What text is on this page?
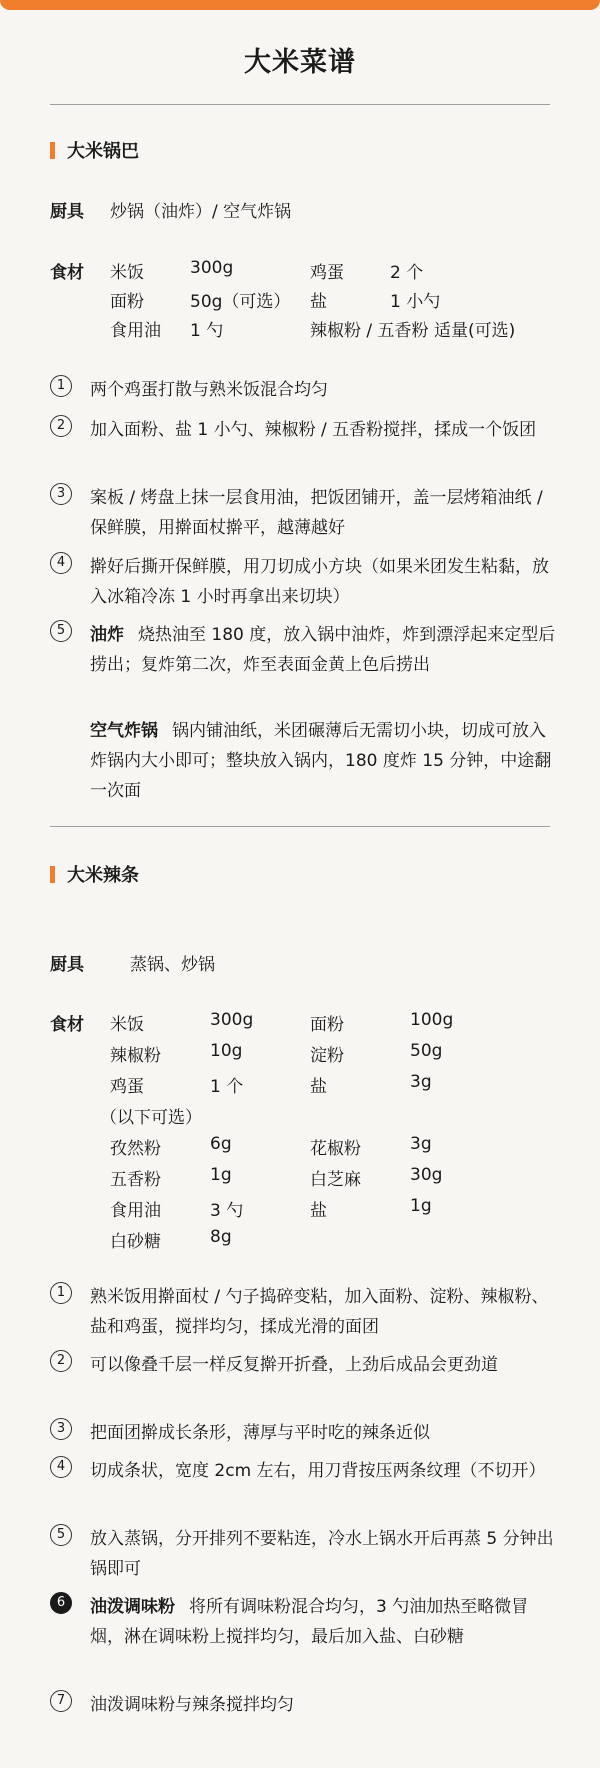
大米菜谱
大米锅巴
厨具 炒锅（油炸）/ 空气炸锅
食材 米饭	300g	鸡蛋	2 个
面粉	50g（可选） 盐	1 小勺
食用油 1 勺	辣椒粉 / 五香粉 适量(可选)
1	两个鸡蛋打散与熟米饭混合均匀
2	加入面粉、盐 1 小勺、辣椒粉 / 五香粉搅拌，揉成一个饭团
3	案板 / 烤盘上抹一层食用油，把饭团铺开，盖一层烤箱油纸 / 保鲜膜，用擀面杖擀平，越薄越好
4	擀好后撕开保鲜膜，用刀切成小方块（如果米团发生粘黏，放入冰箱冷冻 1 小时再拿出来切块）
5	油炸 烧热油至 180 度，放入锅中油炸，炸到漂浮起来定型后捞出；复炸第二次，炸至表面金黄上色后捞出
空气炸锅 锅内铺油纸，米团碾薄后无需切小块，切成可放入炸锅内大小即可；整块放入锅内，180 度炸 15 分钟，中途翻一次面
大米辣条
厨具	蒸锅、炒锅
食材 米饭	300g	面粉	100g
辣椒粉	10g	淀粉	50g
鸡蛋	1 个	盐	3g
（以下可选）
孜然粉	6g	花椒粉	3g
五香粉	1g	白芝麻	30g
食用油	3 勺	盐	1g
白砂糖	8g
1	熟米饭用擀面杖 / 勺子捣碎变粘，加入面粉、淀粉、辣椒粉、盐和鸡蛋，搅拌均匀，揉成光滑的面团
2	可以像叠千层一样反复擀开折叠，上劲后成品会更劲道
3	把面团擀成长条形，薄厚与平时吃的辣条近似
4	切成条状，宽度 2cm 左右，用刀背按压两条纹理（不切开）
5	放入蒸锅，分开排列不要粘连，冷水上锅水开后再蒸 5 分钟出锅即可
6	油泼调味粉 将所有调味粉混合均匀，3 勺油加热至略微冒烟，淋在调味粉上搅拌均匀，最后加入盐、白砂糖
7	油泼调味粉与辣条搅拌均匀
